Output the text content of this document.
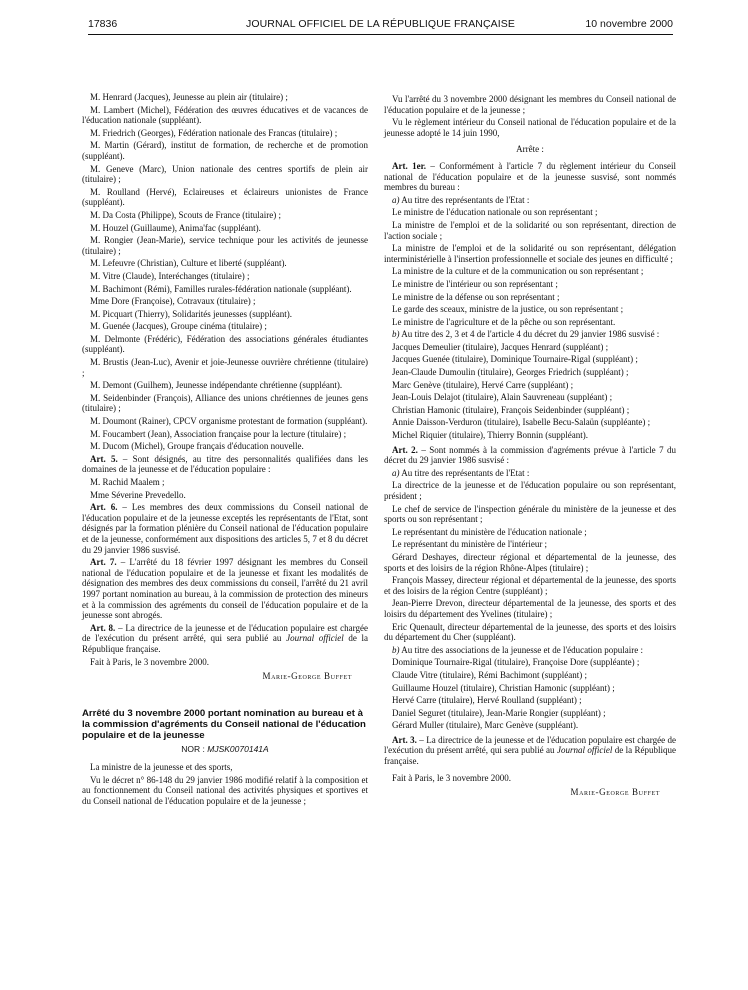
17836	JOURNAL OFFICIEL DE LA RÉPUBLIQUE FRANÇAISE	10 novembre 2000

M. Henrard (Jacques), Jeunesse au plein air (titulaire) ;

M. Lambert (Michel), Fédération des œuvres éducatives et de vacances de l'éducation nationale (suppléant).

M. Friedrich (Georges), Fédération nationale des Francas (titulaire) ;

M. Martin (Gérard), institut de formation, de recherche et de promotion (suppléant).

M. Geneve (Marc), Union nationale des centres sportifs de plein air (titulaire) ;

M. Roulland (Hervé), Eclaireuses et éclaireurs unionistes de France (suppléant).

M. Da Costa (Philippe), Scouts de France (titulaire) ;

M. Houzel (Guillaume), Anima'fac (suppléant).

M. Rongier (Jean-Marie), service technique pour les activités de jeunesse (titulaire) ;

M. Lefeuvre (Christian), Culture et liberté (suppléant).

M. Vitre (Claude), Interéchanges (titulaire) ;

M. Bachimont (Rémi), Familles rurales-fédération nationale (suppléant).

Mme Dore (Françoise), Cotravaux (titulaire) ;

M. Picquart (Thierry), Solidarités jeunesses (suppléant).

M. Guenée (Jacques), Groupe cinéma (titulaire) ;

M. Delmonte (Frédéric), Fédération des associations générales étudiantes (suppléant).

M. Brustis (Jean-Luc), Avenir et joie-Jeunesse ouvrière chrétienne (titulaire) ;

M. Demont (Guilhem), Jeunesse indépendante chrétienne (suppléant).

M. Seidenbinder (François), Alliance des unions chrétiennes de jeunes gens (titulaire) ;

M. Doumont (Rainer), CPCV organisme protestant de formation (suppléant).

M. Foucambert (Jean), Association française pour la lecture (titulaire) ;

M. Ducom (Michel), Groupe français d'éducation nouvelle.

Art. 5. – Sont désignés, au titre des personnalités qualifiées dans les domaines de la jeunesse et de l'éducation populaire :

M. Rachid Maalem ;

Mme Séverine Prevedello.

Art. 6. – Les membres des deux commissions du Conseil national de l'éducation populaire et de la jeunesse exceptés les représentants de l'Etat, sont désignés par la formation plénière du Conseil national de l'éducation populaire et de la jeunesse, conformément aux dispositions des articles 5, 7 et 8 du décret du 29 janvier 1986 susvisé.

Art. 7. – L'arrêté du 18 février 1997 désignant les membres du Conseil national de l'éducation populaire et de la jeunesse et fixant les modalités de désignation des membres des deux commissions du conseil, l'arrêté du 21 avril 1997 portant nomination au bureau, à la commission de protection des mineurs et à la commission des agréments du conseil de l'éducation populaire et de la jeunesse sont abrogés.

Art. 8. – La directrice de la jeunesse et de l'éducation populaire est chargée de l'exécution du présent arrêté, qui sera publié au Journal officiel de la République française.

Fait à Paris, le 3 novembre 2000.

Marie-George Buffet

Arrêté du 3 novembre 2000 portant nomination au bureau et à la commission d'agréments du Conseil national de l'éducation populaire et de la jeunesse

NOR : MJSK0070141A

La ministre de la jeunesse et des sports,

Vu le décret n° 86-148 du 29 janvier 1986 modifié relatif à la composition et au fonctionnement du Conseil national des activités physiques et sportives et du Conseil national de l'éducation populaire et de la jeunesse ;

Vu l'arrêté du 3 novembre 2000 désignant les membres du Conseil national de l'éducation populaire et de la jeunesse ;

Vu le règlement intérieur du Conseil national de l'éducation populaire et de la jeunesse adopté le 14 juin 1990,

Arrête :

Art. 1er. – Conformément à l'article 7 du règlement intérieur du Conseil national de l'éducation populaire et de la jeunesse susvisé, sont nommés membres du bureau :

a) Au titre des représentants de l'Etat :

Le ministre de l'éducation nationale ou son représentant ;

La ministre de l'emploi et de la solidarité ou son représentant, direction de l'action sociale ;

La ministre de l'emploi et de la solidarité ou son représentant, délégation interministérielle à l'insertion professionnelle et sociale des jeunes en difficulté ;

La ministre de la culture et de la communication ou son représentant ;

Le ministre de l'intérieur ou son représentant ;

Le ministre de la défense ou son représentant ;

Le garde des sceaux, ministre de la justice, ou son représentant ;

Le ministre de l'agriculture et de la pêche ou son représentant.

b) Au titre des 2, 3 et 4 de l'article 4 du décret du 29 janvier 1986 susvisé :

Jacques Demeulier (titulaire), Jacques Henrard (suppléant) ;

Jacques Guenée (titulaire), Dominique Tournaire-Rigal (suppléant) ;

Jean-Claude Dumoulin (titulaire), Georges Friedrich (suppléant) ;

Marc Genève (titulaire), Hervé Carre (suppléant) ;

Jean-Louis Delajot (titulaire), Alain Sauvreneau (suppléant) ;

Christian Hamonic (titulaire), François Seidenbinder (suppléant) ;

Annie Daisson-Verduron (titulaire), Isabelle Becu-Salaün (suppléante) ;

Michel Riquier (titulaire), Thierry Bonnin (suppléant).

Art. 2. – Sont nommés à la commission d'agréments prévue à l'article 7 du décret du 29 janvier 1986 susvisé :

a) Au titre des représentants de l'Etat :

La directrice de la jeunesse et de l'éducation populaire ou son représentant, président ;

Le chef de service de l'inspection générale du ministère de la jeunesse et des sports ou son représentant ;

Le représentant du ministère de l'éducation nationale ;

Le représentant du ministère de l'intérieur ;

Gérard Deshayes, directeur régional et départemental de la jeunesse, des sports et des loisirs de la région Rhône-Alpes (titulaire) ;

François Massey, directeur régional et départemental de la jeunesse, des sports et des loisirs de la région Centre (suppléant) ;

Jean-Pierre Drevon, directeur départemental de la jeunesse, des sports et des loisirs du département des Yvelines (titulaire) ;

Eric Quenault, directeur départemental de la jeunesse, des sports et des loisirs du département du Cher (suppléant).

b) Au titre des associations de la jeunesse et de l'éducation populaire :

Dominique Tournaire-Rigal (titulaire), Françoise Dore (suppléante) ;

Claude Vitre (titulaire), Rémi Bachimont (suppléant) ;

Guillaume Houzel (titulaire), Christian Hamonic (suppléant) ;

Hervé Carre (titulaire), Hervé Roulland (suppléant) ;

Daniel Seguret (titulaire), Jean-Marie Rongier (suppléant) ;

Gérard Muller (titulaire), Marc Genève (suppléant).

Art. 3. – La directrice de la jeunesse et de l'éducation populaire est chargée de l'exécution du présent arrêté, qui sera publié au Journal officiel de la République française.

Fait à Paris, le 3 novembre 2000.

Marie-George Buffet
